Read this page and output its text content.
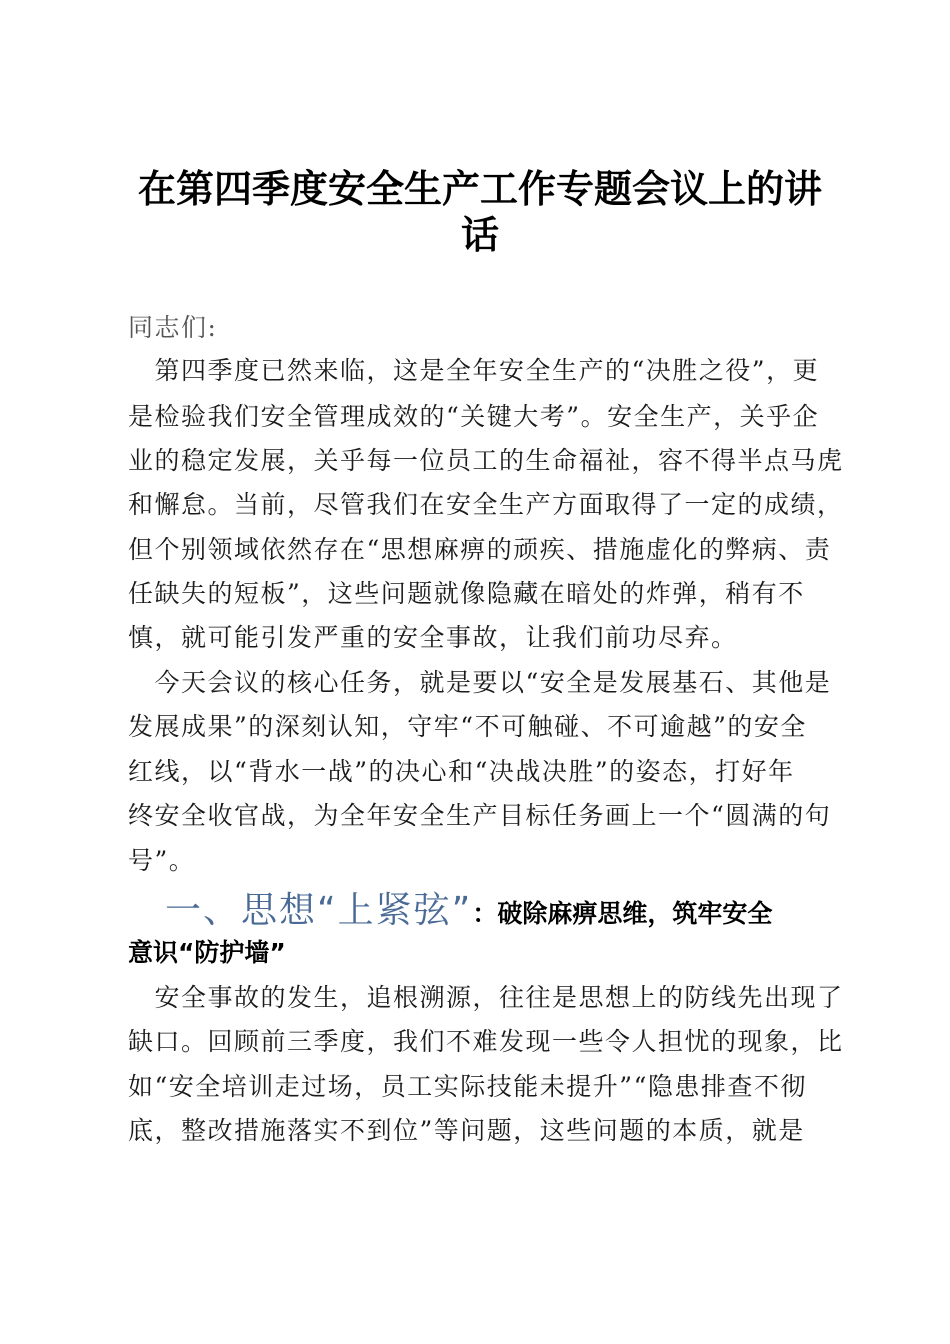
在第四季度安全生产工作专题会议上的讲
话
同志们:
　第四季度已然来临，这是全年安全生产的“决胜之役”，更
是检验我们安全管理成效的“关键大考”。安全生产，关乎企
业的稳定发展，关乎每一位员工的生命福祉，容不得半点马虎
和懈怠。当前，尽管我们在安全生产方面取得了一定的成绩，
但个别领域依然存在“思想麻痹的顽疾、措施虚化的弊病、责
任缺失的短板”，这些问题就像隐藏在暗处的炸弹，稍有不
慎，就可能引发严重的安全事故，让我们前功尽弃。
　今天会议的核心任务，就是要以“安全是发展基石、其他是
发展成果”的深刻认知，守牢“不可触碰、不可逾越”的安全
红线，以“背水一战”的决心和“决战决胜”的姿态，打好年
终安全收官战，为全年安全生产目标任务画上一个“圆满的句
号”。
一、思想“上紧弦”：破除麻痹思维，筑牢安全
意识“防护墙”
　安全事故的发生，追根溯源，往往是思想上的防线先出现了
缺口。回顾前三季度，我们不难发现一些令人担忧的现象，比
如“安全培训走过场，员工实际技能未提升”“隐患排查不彻
底，整改措施落实不到位”等问题，这些问题的本质，就是
